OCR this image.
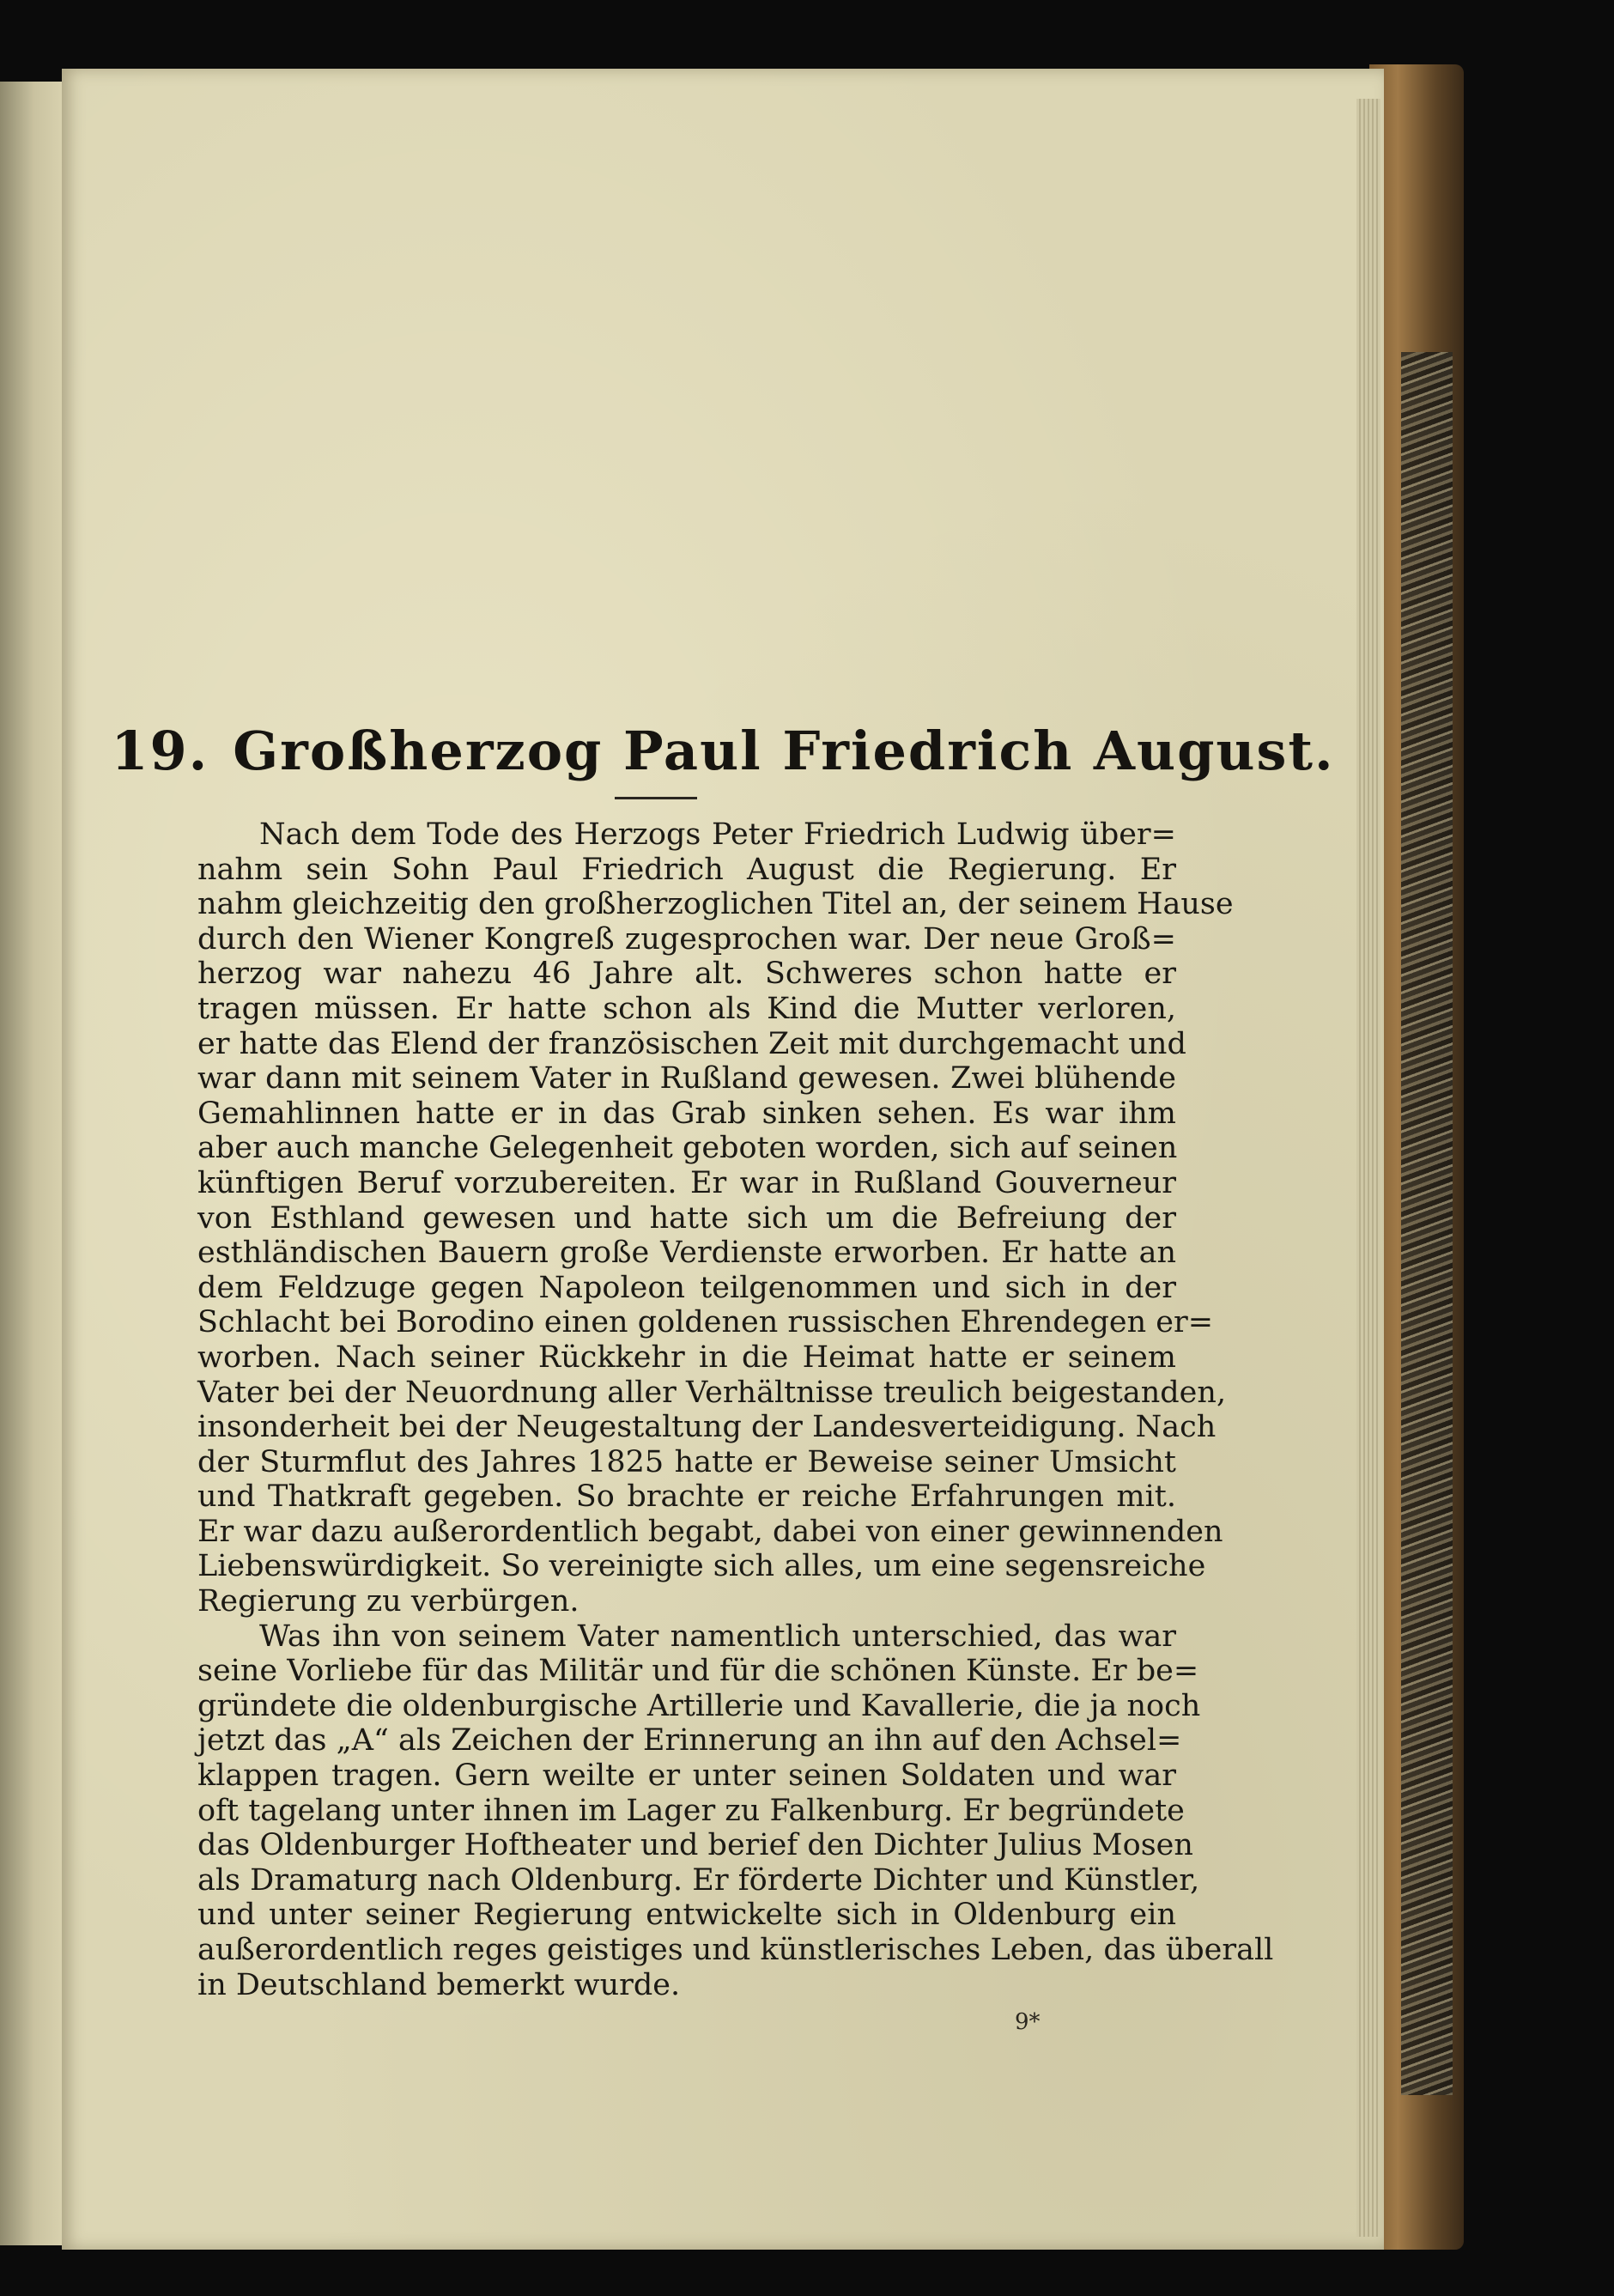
19. Großherzog Paul Friedrich August.
Nach dem Tode des Herzogs Peter Friedrich Ludwig über=
nahm sein Sohn Paul Friedrich August die Regierung. Er
nahm gleichzeitig den großherzoglichen Titel an, der seinem Hause
durch den Wiener Kongreß zugesprochen war. Der neue Groß=
herzog war nahezu 46 Jahre alt. Schweres schon hatte er
tragen müssen. Er hatte schon als Kind die Mutter verloren,
er hatte das Elend der französischen Zeit mit durchgemacht und
war dann mit seinem Vater in Rußland gewesen. Zwei blühende
Gemahlinnen hatte er in das Grab sinken sehen. Es war ihm
aber auch manche Gelegenheit geboten worden, sich auf seinen
künftigen Beruf vorzubereiten. Er war in Rußland Gouverneur
von Esthland gewesen und hatte sich um die Befreiung der
esthländischen Bauern große Verdienste erworben. Er hatte an
dem Feldzuge gegen Napoleon teilgenommen und sich in der
Schlacht bei Borodino einen goldenen russischen Ehrendegen er=
worben. Nach seiner Rückkehr in die Heimat hatte er seinem
Vater bei der Neuordnung aller Verhältnisse treulich beigestanden,
insonderheit bei der Neugestaltung der Landesverteidigung. Nach
der Sturmflut des Jahres 1825 hatte er Beweise seiner Umsicht
und Thatkraft gegeben. So brachte er reiche Erfahrungen mit.
Er war dazu außerordentlich begabt, dabei von einer gewinnenden
Liebenswürdigkeit. So vereinigte sich alles, um eine segensreiche
Regierung zu verbürgen.
Was ihn von seinem Vater namentlich unterschied, das war
seine Vorliebe für das Militär und für die schönen Künste. Er be=
gründete die oldenburgische Artillerie und Kavallerie, die ja noch
jetzt das „A“ als Zeichen der Erinnerung an ihn auf den Achsel=
klappen tragen. Gern weilte er unter seinen Soldaten und war
oft tagelang unter ihnen im Lager zu Falkenburg. Er begründete
das Oldenburger Hoftheater und berief den Dichter Julius Mosen
als Dramaturg nach Oldenburg. Er förderte Dichter und Künstler,
und unter seiner Regierung entwickelte sich in Oldenburg ein
außerordentlich reges geistiges und künstlerisches Leben, das überall
in Deutschland bemerkt wurde.
9*
